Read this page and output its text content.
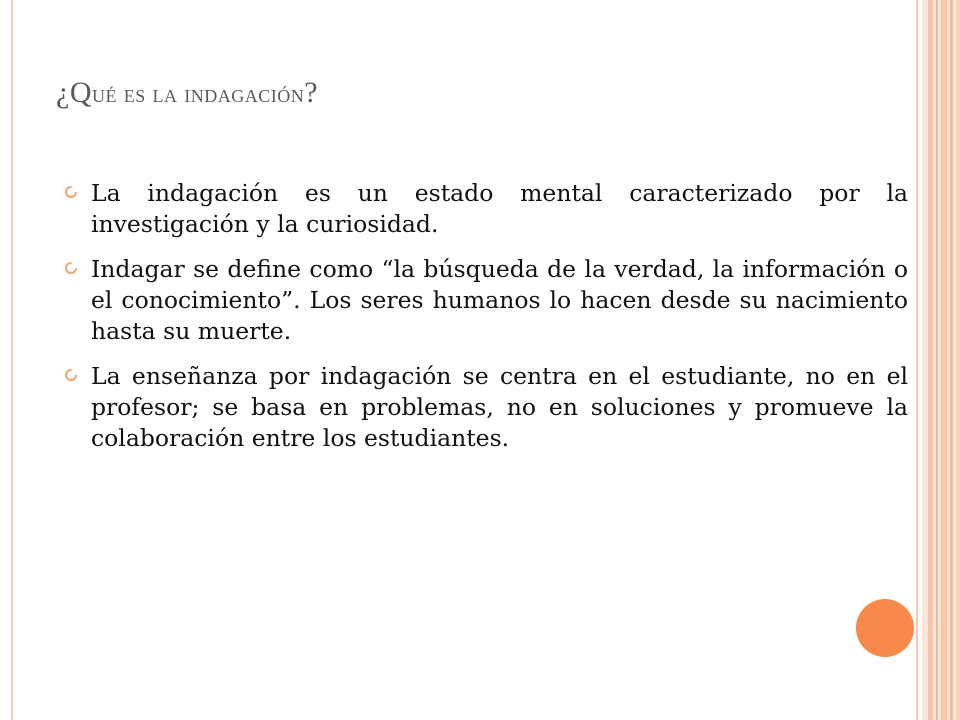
¿Qué es la indagación?
La indagación es un estado mental caracterizado por la investigación y la curiosidad.
Indagar se define como “la búsqueda de la verdad, la información o el conocimiento”. Los seres humanos lo hacen desde su nacimiento hasta su muerte.
La enseñanza por indagación se centra en el estudiante, no en el profesor; se basa en problemas, no en soluciones y promueve la colaboración entre los estudiantes.
